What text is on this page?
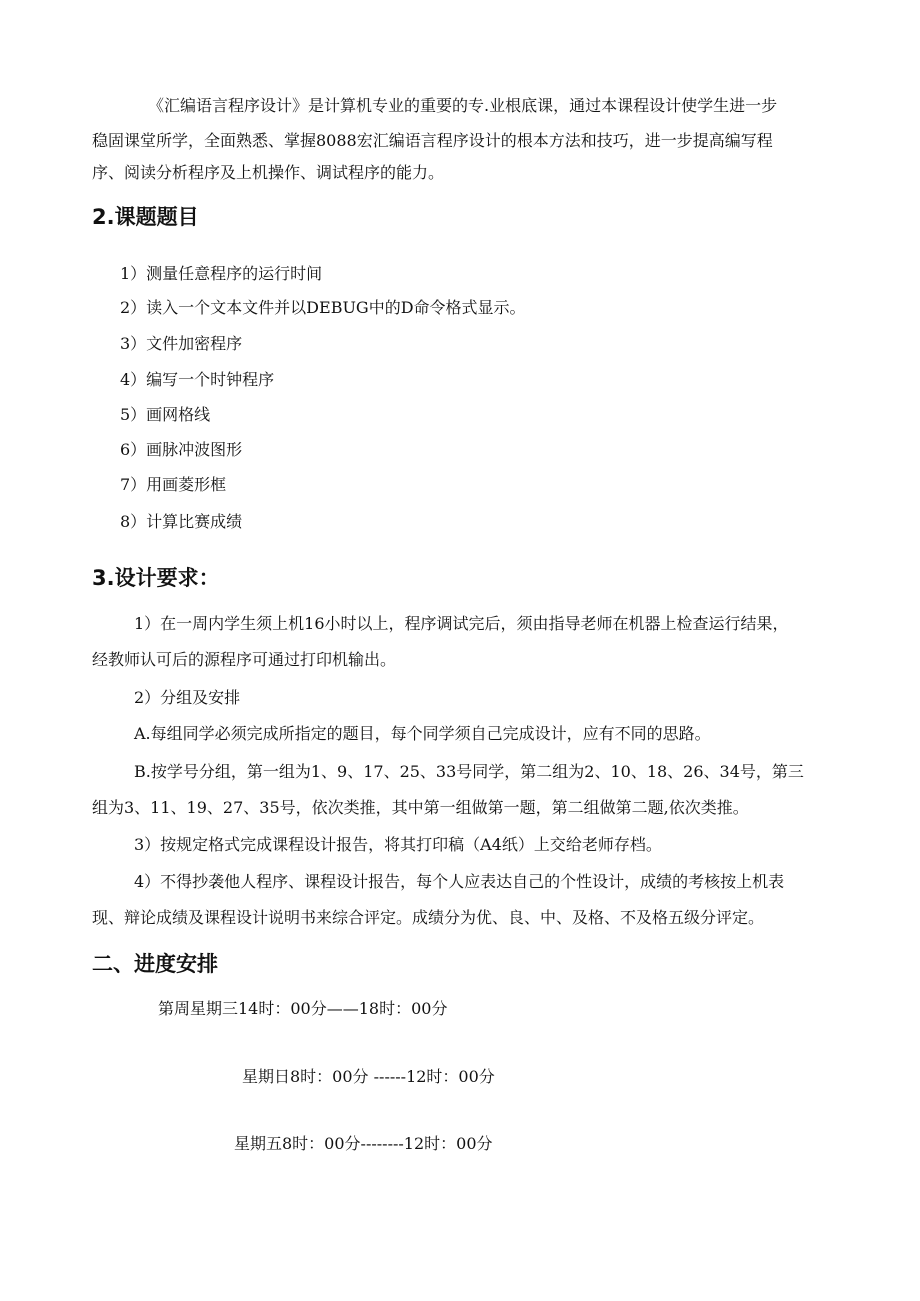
《汇编语言程序设计》是计算机专业的重要的专.业根底课，通过本课程设计使学生进一步
稳固课堂所学，全面熟悉、掌握8088宏汇编语言程序设计的根本方法和技巧，进一步提高编写程
序、阅读分析程序及上机操作、调试程序的能力。
2.课题题目
1）测量任意程序的运行时间
2）读入一个文本文件并以DEBUG中的D命令格式显示。
3）文件加密程序
4）编写一个时钟程序
5）画网格线
6）画脉冲波图形
7）用画菱形框
8）计算比赛成绩
3.设计要求：
1）在一周内学生须上机16小时以上，程序调试完后，须由指导老师在机器上检查运行结果，
经教师认可后的源程序可通过打印机输出。
2）分组及安排
A.每组同学必须完成所指定的题目，每个同学须自己完成设计，应有不同的思路。
B.按学号分组，第一组为1、9、17、25、33号同学，第二组为2、10、18、26、34号，第三
组为3、11、19、27、35号，依次类推，其中第一组做第一题，第二组做第二题,依次类推。
3）按规定格式完成课程设计报告，将其打印稿（A4纸）上交给老师存档。
4）不得抄袭他人程序、课程设计报告，每个人应表达自己的个性设计，成绩的考核按上机表
现、辩论成绩及课程设计说明书来综合评定。成绩分为优、良、中、及格、不及格五级分评定。
二、进度安排
第周星期三14时：00分——18时：00分
星期日8时：00分 ------12时：00分
星期五8时：00分--------12时：00分
